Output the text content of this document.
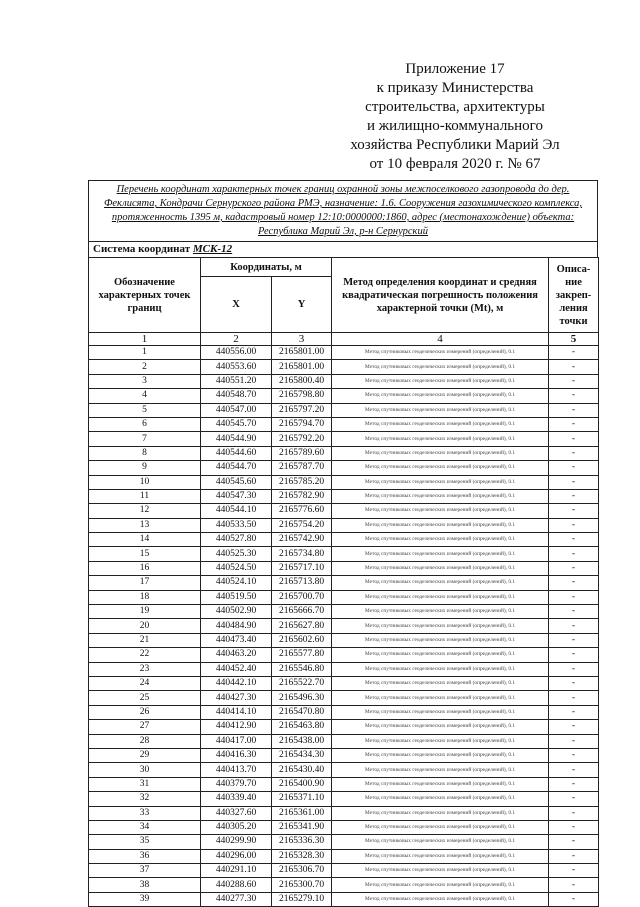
Приложение 17
к приказу Министерства
строительства, архитектуры
и жилищно-коммунального
хозяйства Республики Марий Эл
от 10 февраля 2020 г. № 67
Перечень координат характерных точек границ охранной зоны межпоселкового газопровода до дер. Феклисята, Кондрачи Сернурского района РМЭ, назначение: 1.6. Сооружения газохимического комплекса, протяженность 1395 м, кадастровый номер 12:10:0000000:1860, адрес (местонахождение) объекта: Республика Марий Эл, р-н Сернурский
Система координат МСК-12
Обозначение характерных точек границ	Координаты, м		Метод определения координат и средняя квадратическая погрешность положения характерной точки (Mt), м	Описа-ние закреп-ления точки
	X	Y		
1	2	3	4	5
1	440556.00	2165801.00	Метод спутниковых геодезических измерений (определений), 0.1	-
2	440553.60	2165801.00	Метод спутниковых геодезических измерений (определений), 0.1	-
3	440551.20	2165800.40	Метод спутниковых геодезических измерений (определений), 0.1	-
4	440548.70	2165798.80	Метод спутниковых геодезических измерений (определений), 0.1	-
5	440547.00	2165797.20	Метод спутниковых геодезических измерений (определений), 0.1	-
6	440545.70	2165794.70	Метод спутниковых геодезических измерений (определений), 0.1	-
7	440544.90	2165792.20	Метод спутниковых геодезических измерений (определений), 0.1	-
8	440544.60	2165789.60	Метод спутниковых геодезических измерений (определений), 0.1	-
9	440544.70	2165787.70	Метод спутниковых геодезических измерений (определений), 0.1	-
10	440545.60	2165785.20	Метод спутниковых геодезических измерений (определений), 0.1	-
11	440547.30	2165782.90	Метод спутниковых геодезических измерений (определений), 0.1	-
12	440544.10	2165776.60	Метод спутниковых геодезических измерений (определений), 0.1	-
13	440533.50	2165754.20	Метод спутниковых геодезических измерений (определений), 0.1	-
14	440527.80	2165742.90	Метод спутниковых геодезических измерений (определений), 0.1	-
15	440525.30	2165734.80	Метод спутниковых геодезических измерений (определений), 0.1	-
16	440524.50	2165717.10	Метод спутниковых геодезических измерений (определений), 0.1	-
17	440524.10	2165713.80	Метод спутниковых геодезических измерений (определений), 0.1	-
18	440519.50	2165700.70	Метод спутниковых геодезических измерений (определений), 0.1	-
19	440502.90	2165666.70	Метод спутниковых геодезических измерений (определений), 0.1	-
20	440484.90	2165627.80	Метод спутниковых геодезических измерений (определений), 0.1	-
21	440473.40	2165602.60	Метод спутниковых геодезических измерений (определений), 0.1	-
22	440463.20	2165577.80	Метод спутниковых геодезических измерений (определений), 0.1	-
23	440452.40	2165546.80	Метод спутниковых геодезических измерений (определений), 0.1	-
24	440442.10	2165522.70	Метод спутниковых геодезических измерений (определений), 0.1	-
25	440427.30	2165496.30	Метод спутниковых геодезических измерений (определений), 0.1	-
26	440414.10	2165470.80	Метод спутниковых геодезических измерений (определений), 0.1	-
27	440412.90	2165463.80	Метод спутниковых геодезических измерений (определений), 0.1	-
28	440417.00	2165438.00	Метод спутниковых геодезических измерений (определений), 0.1	-
29	440416.30	2165434.30	Метод спутниковых геодезических измерений (определений), 0.1	-
30	440413.70	2165430.40	Метод спутниковых геодезических измерений (определений), 0.1	-
31	440379.70	2165400.90	Метод спутниковых геодезических измерений (определений), 0.1	-
32	440339.40	2165371.10	Метод спутниковых геодезических измерений (определений), 0.1	-
33	440327.60	2165361.00	Метод спутниковых геодезических измерений (определений), 0.1	-
34	440305.20	2165341.90	Метод спутниковых геодезических измерений (определений), 0.1	-
35	440299.90	2165336.30	Метод спутниковых геодезических измерений (определений), 0.1	-
36	440296.00	2165328.30	Метод спутниковых геодезических измерений (определений), 0.1	-
37	440291.10	2165306.70	Метод спутниковых геодезических измерений (определений), 0.1	-
38	440288.60	2165300.70	Метод спутниковых геодезических измерений (определений), 0.1	-
39	440277.30	2165279.10	Метод спутниковых геодезических измерений (определений), 0.1	-
